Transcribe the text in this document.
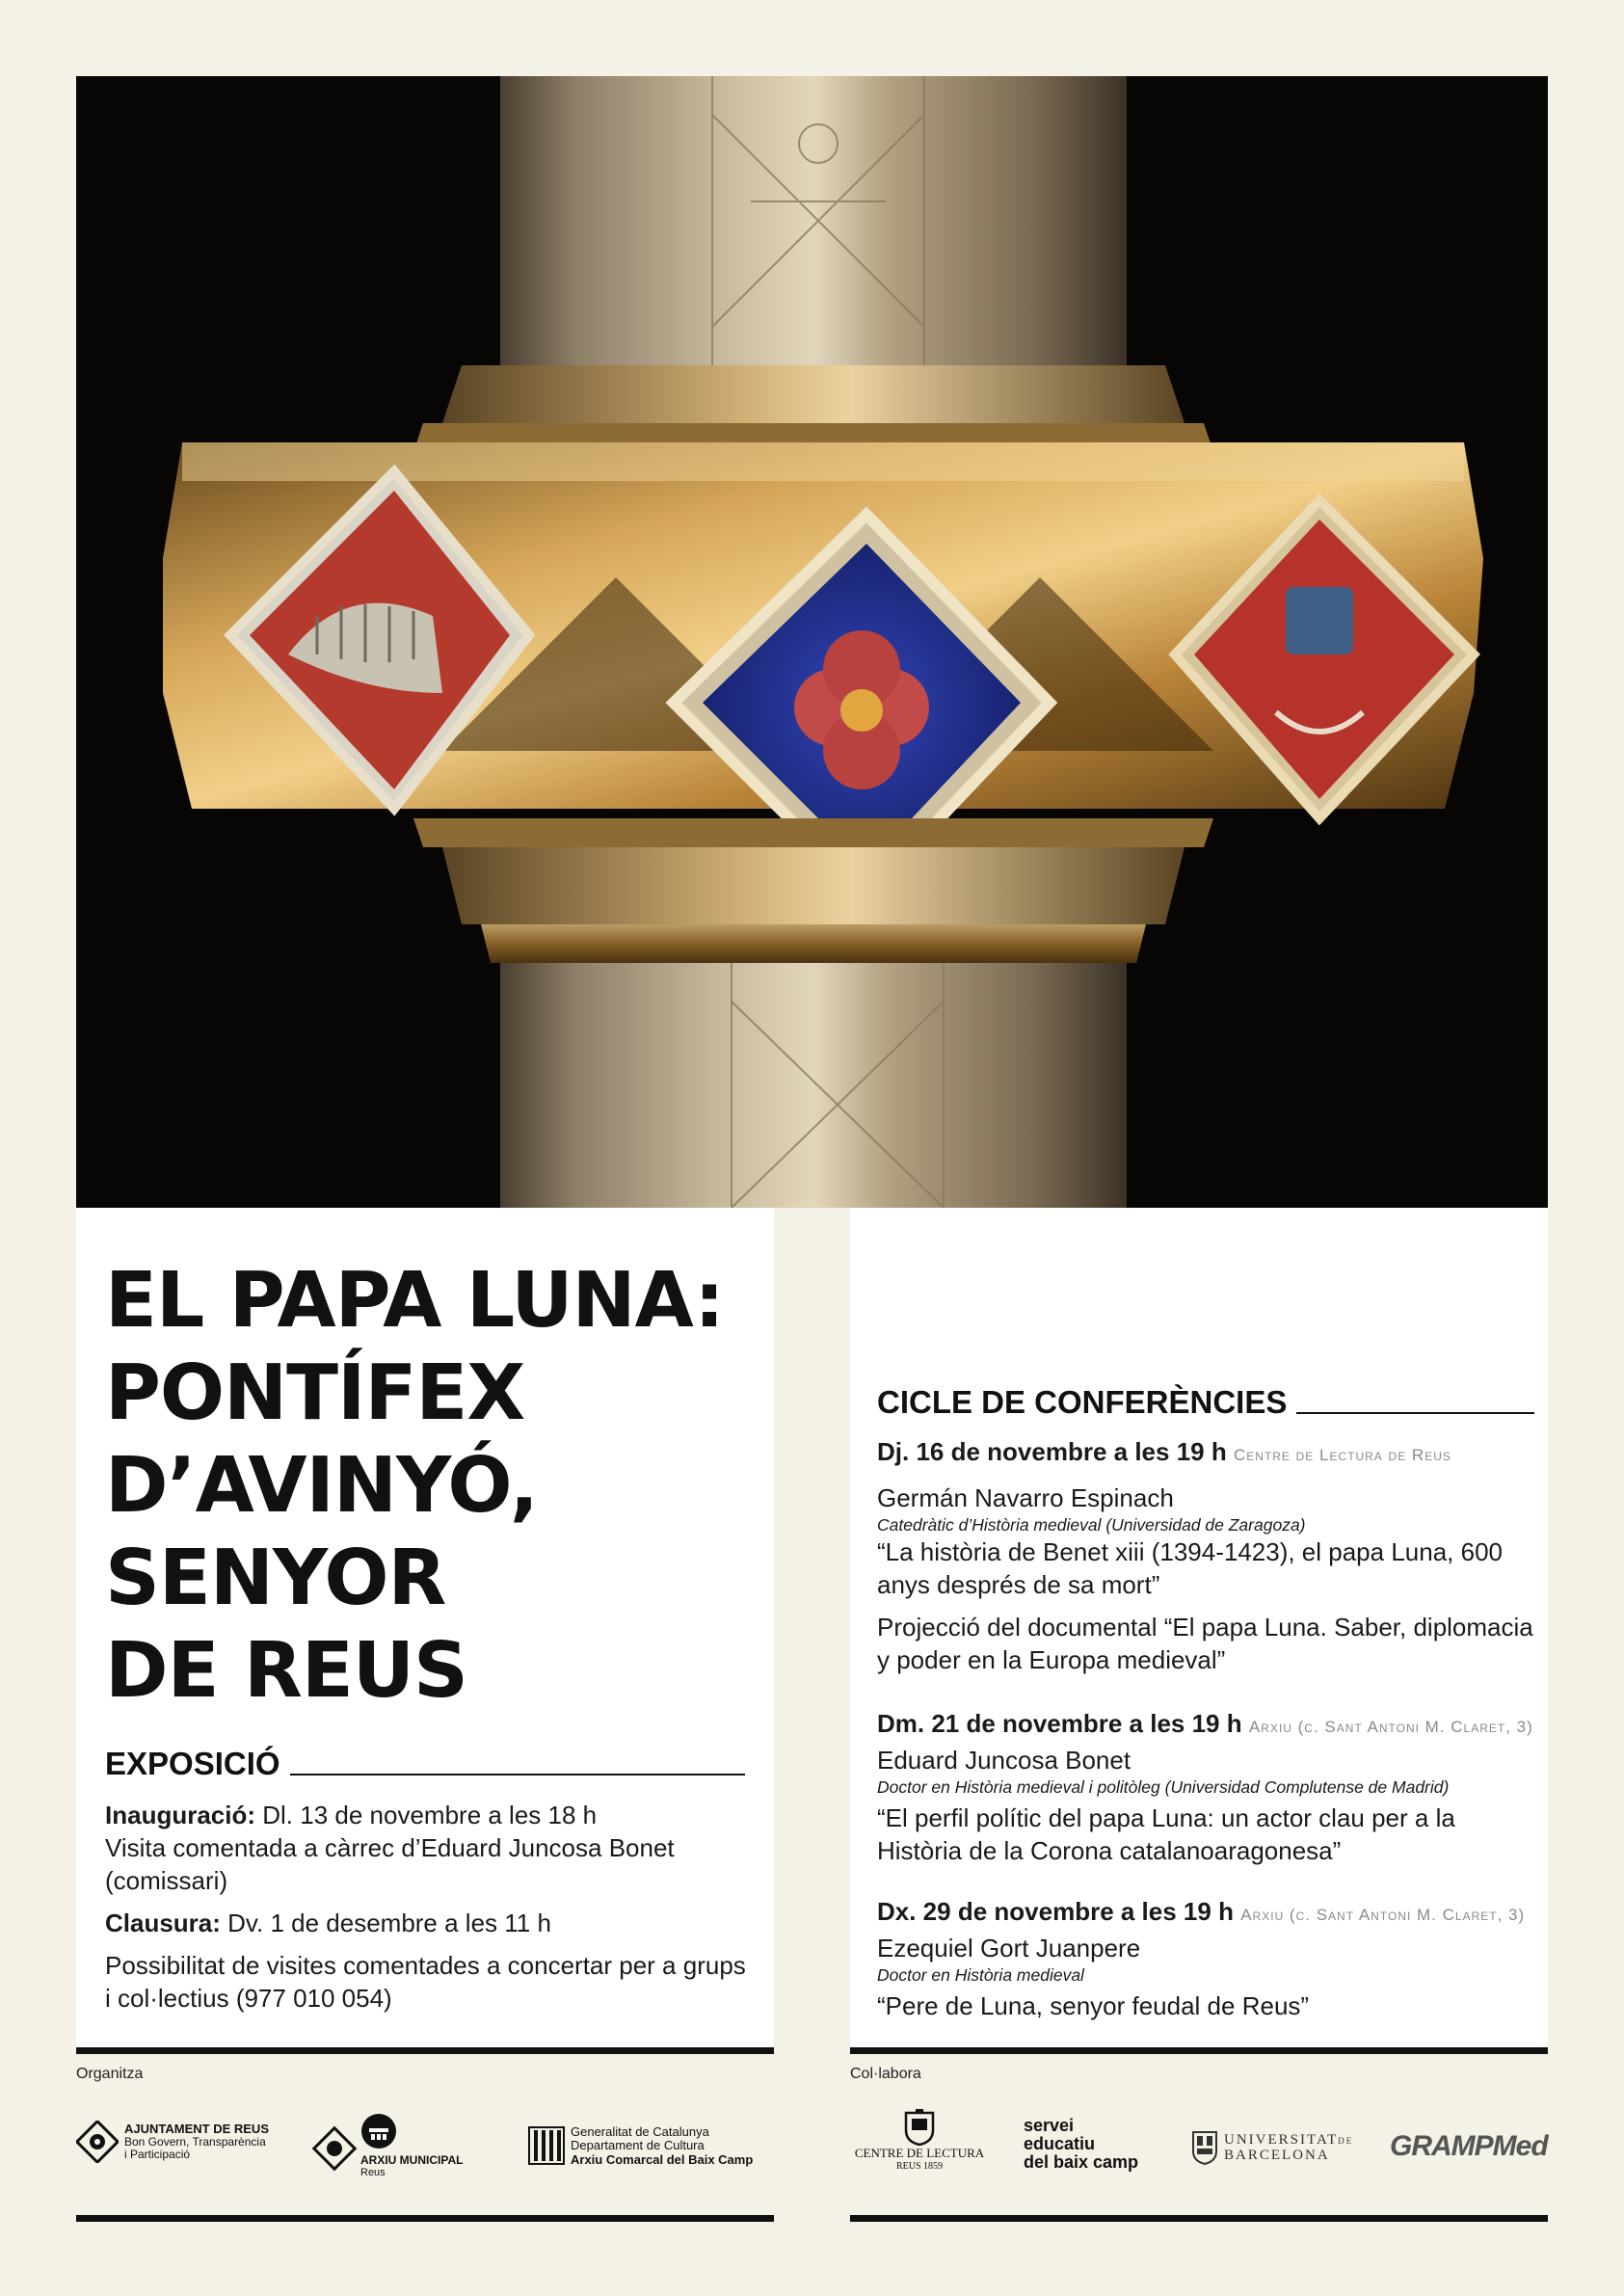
EL PAPA LUNA:
PONTÍFEX
D’AVINYÓ,
SENYOR
DE REUS
EXPOSICIÓ
Inauguració: Dl. 13 de novembre a les 18 h
Visita comentada a càrrec d’Eduard Juncosa Bonet
(comissari)
Clausura: Dv. 1 de desembre a les 11 h
Possibilitat de visites comentades a concertar per a grups
i col·lectius (977 010 054)
CICLE DE CONFERÈNCIES
Dj. 16 de novembre a les 19 h Centre de Lectura de Reus
Germán Navarro Espinach
Catedràtic d’Història medieval (Universidad de Zaragoza)
“La història de Benet xiii (1394-1423), el papa Luna, 600
anys després de sa mort”
Projecció del documental “El papa Luna. Saber, diplomacia
y poder en la Europa medieval”
Dm. 21 de novembre a les 19 h Arxiu (c. Sant Antoni M. Claret, 3)
Eduard Juncosa Bonet
Doctor en Història medieval i politòleg (Universidad Complutense de Madrid)
“El perfil polític del papa Luna: un actor clau per a la
Història de la Corona catalanoaragonesa”
Dx. 29 de novembre a les 19 h Arxiu (c. Sant Antoni M. Claret, 3)
Ezequiel Gort Juanpere
Doctor en Història medieval
“Pere de Luna, senyor feudal de Reus”
Organitza	Col·labora
AJUNTAMENT DE REUS
Bon Govern, Transparència
i Participació	ARXIU MUNICIPAL
Reus
Generalitat de Catalunya
Departament de Cultura
Arxiu Comarcal del Baix Camp	CENTRE DE LECTURA
REUS 1859
servei
educatiu
del baix camp
UNIVERSITATDE
BARCELONA	GRAMPMed
